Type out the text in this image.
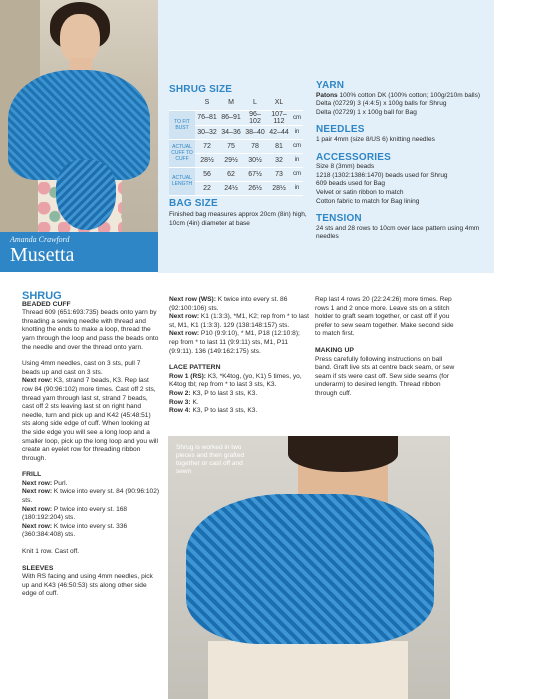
Amanda Crawford
Musetta
SHRUG SIZE
	S	M	L	XL	
TO FIT BUST	76–81	86–91	96–102	107–112	cm
	30–32	34–36	38–40	42–44	in
ACTUAL CUFF TO CUFF	72	75	78	81	cm
	28½	29½	30½	32	in
ACTUAL LENGTH	56	62	67½	73	cm
	22	24½	26½	28½	in
BAG SIZE
Finished bag measures approx 20cm (8in) high, 10cm (4in) diameter at base
YARN

Patons 100% cotton DK (100% cotton; 100g/210m balls)
Delta (02729) 3 (4:4:5) x 100g balls for Shrug
Delta (02729) 1 x 100g ball for Bag

NEEDLES

1 pair 4mm (size 8/US 6) knitting needles

ACCESSORIES

Size 8 (3mm) beads
1218 (1302:1386:1470) beads used for Shrug
609 beads used for Bag
Velvet or satin ribbon to match
Cotton fabric to match for Bag lining

TENSION

24 sts and 28 rows to 10cm over lace pattern using 4mm needles

SHRUG
BEADED CUFF

Thread 609 (651:693:735) beads onto yarn by threading a sewing needle with thread and knotting the ends to make a loop, thread the yarn through the loop and pass the beads onto the needle and over the thread onto yarn.

Using 4mm needles, cast on 3 sts, pull 7 beads up and cast on 3 sts.

Next row: K3, strand 7 beads, K3. Rep last row 84 (90:96:102) more times. Cast off 2 sts, thread yarn through last st, strand 7 beads, cast off 2 sts leaving last st on right hand needle, turn and pick up and K42 (45:48:51) sts along side edge of cuff. When looking at the side edge you will see a long loop and a smaller loop, pick up the long loop and you will create an eyelet row for threading ribbon through.

FRILL

Next row: Purl.

Next row: K twice into every st. 84 (90:96:102) sts.

Next row: P twice into every st. 168 (180:192:204) sts.

Next row: K twice into every st. 336 (360:384:408) sts.

Knit 1 row. Cast off.

SLEEVES

With RS facing and using 4mm needles, pick up and K43 (46:50:53) sts along other side edge of cuff.

Next row (WS): K twice into every st. 86 (92:100:106) sts.

Next row: K1 (1:3:3), *M1, K2; rep from * to last st, M1, K1 (1:3:3). 129 (138:148:157) sts.

Next row: P10 (9:9:10), * M1, P18 (12:10:8); rep from * to last 11 (9:9:11) sts, M1, P11 (9:9:11). 136 (149:162:175) sts.

LACE PATTERN

Row 1 (RS): K3, *K4tog, (yo, K1) 5 times, yo, K4tog tbl; rep from * to last 3 sts, K3.

Row 2: K3, P to last 3 sts, K3.

Row 3: K.

Row 4: K3, P to last 3 sts, K3.

Rep last 4 rows 20 (22:24:26) more times. Rep rows 1 and 2 once more. Leave sts on a stitch holder to graft seam together, or cast off if you prefer to sew seam together. Make second side to match first.

MAKING UP

Press carefully following instructions on ball band. Graft live sts at centre back seam, or sew seam if sts were cast off. Sew side seams (for underarm) to desired length. Thread ribbon through cuff.

Shrug is worked in two pieces and then grafted together or cast off and sewn
